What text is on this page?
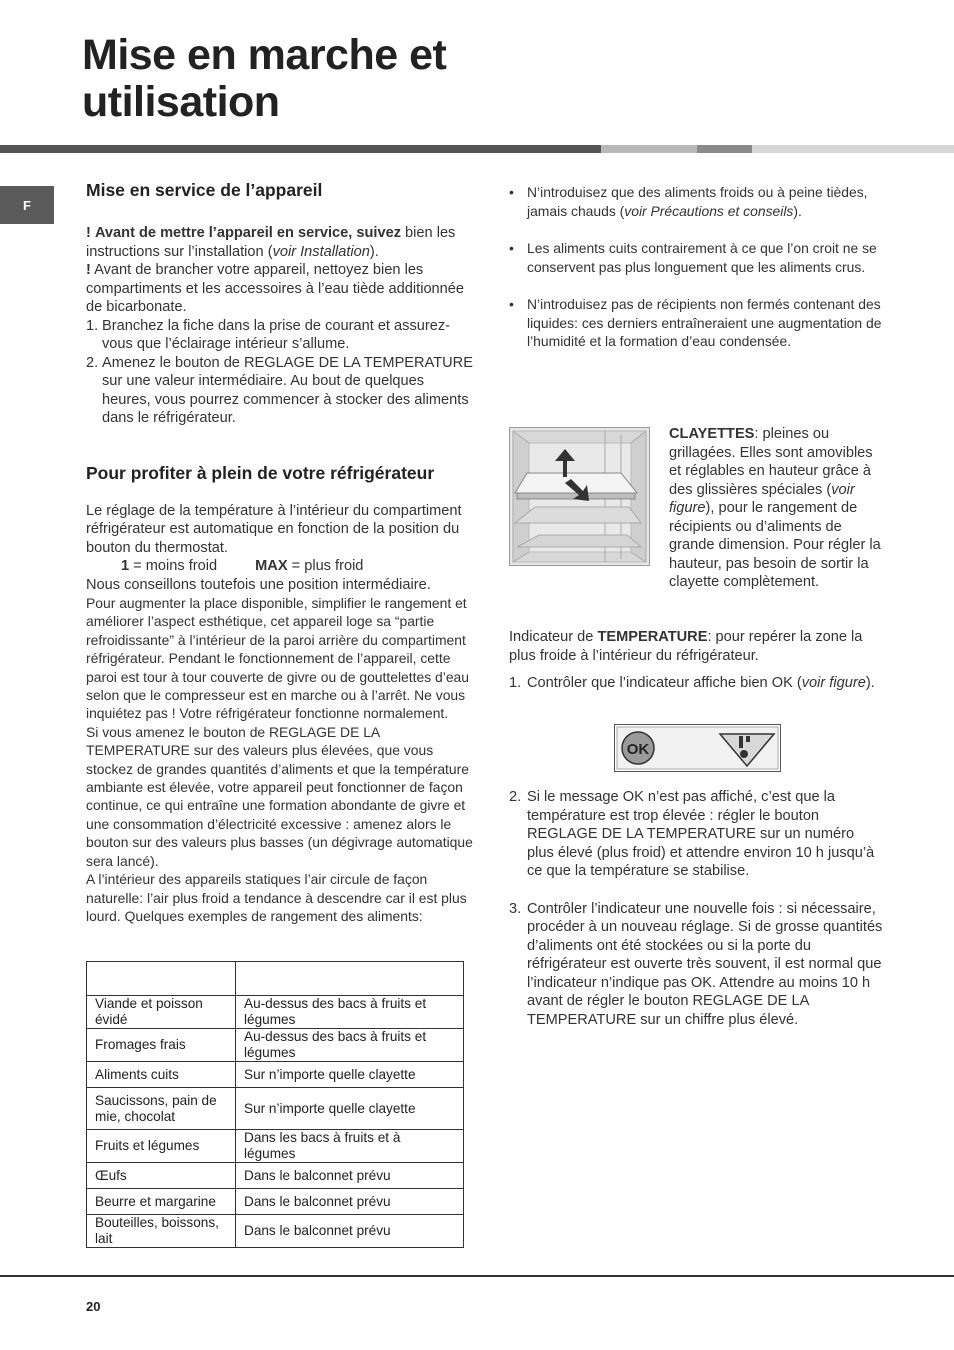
Mise en marche et
utilisation
F
Mise en service de l’appareil

! Avant de mettre l’appareil en service, suivez bien les instructions sur l’installation (voir Installation).

! Avant de brancher votre appareil, nettoyez bien les compartiments et les accessoires à l’eau tiède additionnée de bicarbonate.

1. Branchez la fiche dans la prise de courant et assurez-vous que l’éclairage intérieur s’allume.

2. Amenez le bouton de REGLAGE DE LA TEMPERATURE sur une valeur intermédiaire. Au bout de quelques heures, vous pourrez commencer à stocker des aliments dans le réfrigérateur.

Pour profiter à plein de votre réfrigérateur

Le réglage de la température à l’intérieur du compartiment réfrigérateur est automatique en fonction de la position du bouton du thermostat.

1 = moins froid	MAX = plus froid

Nous conseillons toutefois une position intermédiaire.

Pour augmenter la place disponible, simplifier le rangement et améliorer l’aspect esthétique, cet appareil loge sa “partie refroidissante” à l’intérieur de la paroi arrière du compartiment réfrigérateur. Pendant le fonctionnement de l’appareil, cette paroi est tour à tour couverte de givre ou de gouttelettes d’eau selon que le compresseur est en marche ou à l’arrêt. Ne vous inquiétez pas ! Votre réfrigérateur fonctionne normalement.

Si vous amenez le bouton de REGLAGE DE LA TEMPERATURE sur des valeurs plus élevées, que vous stockez de grandes quantités d’aliments et que la température ambiante est élevée, votre appareil peut fonctionner de façon continue, ce qui entraîne une formation abondante de givre et une consommation d’électricité excessive : amenez alors le bouton sur des valeurs plus basses (un dégivrage automatique sera lancé).

A l’intérieur des appareils statiques l’air circule de façon naturelle: l’air plus froid a tendance à descendre car il est plus lourd. Quelques exemples de rangement des aliments:

Viande et poisson évidé	Au-dessus des bacs à fruits et légumes
Fromages frais	Au-dessus des bacs à fruits et légumes
Aliments cuits	Sur n’importe quelle clayette
Saucissons, pain de mie, chocolat	Sur n’importe quelle clayette
Fruits et légumes	Dans les bacs à fruits et à légumes
Œufs	Dans le balconnet prévu
Beurre et margarine	Dans le balconnet prévu
Bouteilles, boissons, lait	Dans le balconnet prévu

• N’introduisez que des aliments froids ou à peine tièdes, jamais chauds (voir Précautions et conseils).

• Les aliments cuits contrairement à ce que l’on croit ne se conservent pas plus longuement que les aliments crus.

• N’introduisez pas de récipients non fermés contenant des liquides: ces derniers entraîneraient une augmentation de l’humidité et la formation d’eau condensée.

CLAYETTES: pleines ou grillagées. Elles sont amovibles et réglables en hauteur grâce à des glissières spéciales (voir figure), pour le rangement de récipients ou d’aliments de grande dimension. Pour régler la hauteur, pas besoin de sortir la clayette complètement.

Indicateur de TEMPERATURE: pour repérer la zone la plus froide à l’intérieur du réfrigérateur.

1. Contrôler que l’indicateur affiche bien OK (voir figure).

OK

2. Si le message OK n’est pas affiché, c’est que la température est trop élevée : régler le bouton REGLAGE DE LA TEMPERATURE sur un numéro plus élevé (plus froid) et attendre environ 10 h jusqu’à ce que la température se stabilise.

3. Contrôler l’indicateur une nouvelle fois : si nécessaire, procéder à un nouveau réglage. Si de grosse quantités d’aliments ont été stockées ou si la porte du réfrigérateur est ouverte très souvent, il est normal que l’indicateur n’indique pas OK. Attendre au moins 10 h avant de régler le bouton REGLAGE DE LA TEMPERATURE sur un chiffre plus élevé.

20
